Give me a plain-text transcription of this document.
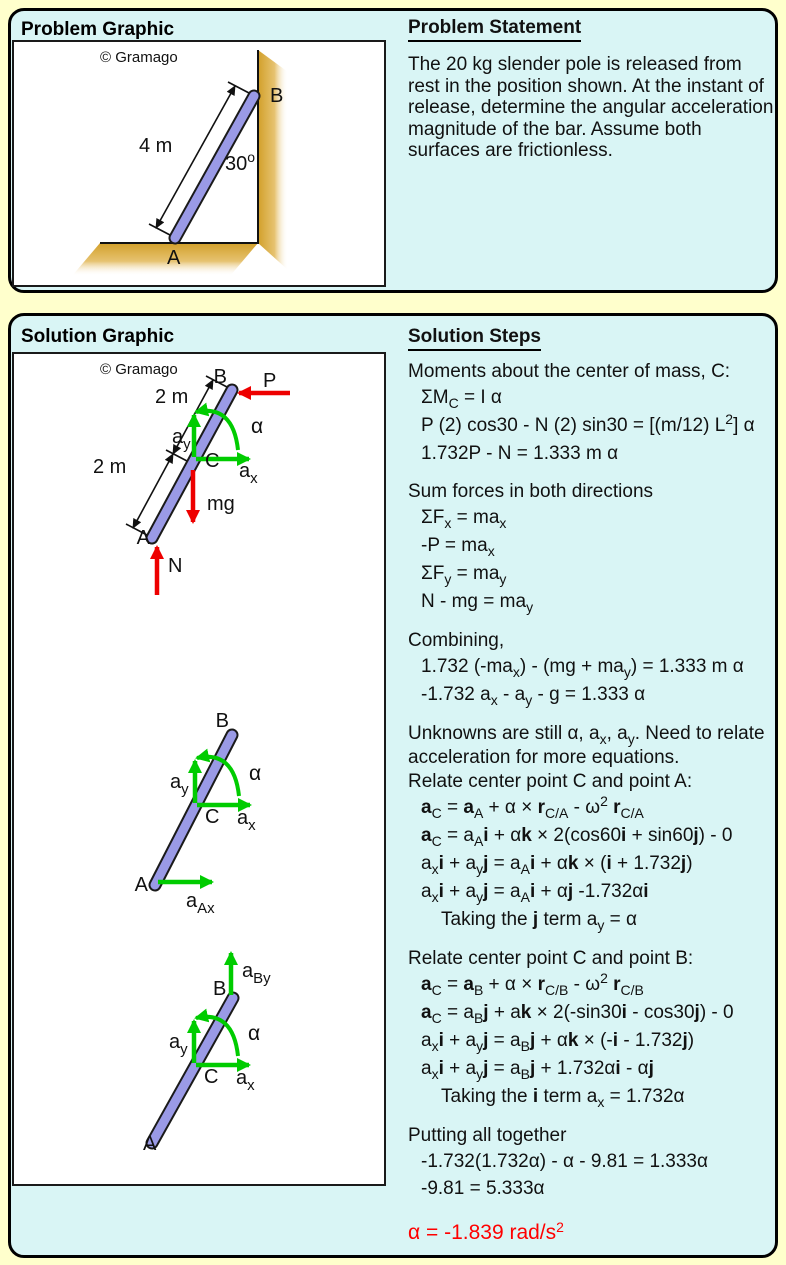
Problem Graphic
© Gramago
4 m
30$^o$
B
A
Problem Statement

The 20 kg slender pole is released from rest in the position shown. At the instant of release, determine the angular acceleration magnitude of the bar. Assume both surfaces are frictionless.

Solution Graphic
© Gramago
2 m
2 m
B P
α
$a_y$
C $a_x$
mg
A
N
B
α
$a_y$
C $a_x$
A
$a_{Ax}$
$a_{By}$
B
α
$a_y$
C $a_x$
A
Solution Steps
Moments about the center of mass, C:
$\Sigma M_C = I$ α
P (2) cos30 - N (2) sin30 = [(m/12) $L^2$] α
1.732P - N = 1.333 m α
Sum forces in both directions
$\Sigma F_x = ma_x$
$-P = ma_x$
$\Sigma F_y = ma_y$
N - mg = $ma_y$
Combining,
1.732 $(-ma_x) - (mg + ma_y) = 1.333$ m α
-1.732 $a_x - a_y - g = 1.333$ α
Unknowns are still α, $a_x$, $a_y$. Need to relate acceleration for more equations.
Relate center point C and point A:
$a_C = a_A + \alpha \times r_{C/A} - \omega^2$ $r_{C/A}$
$a_C = a_Ai + \alpha k \times 2(\cos 60i + \sin 60j) - 0$
$a_xi + a_yj = a_Ai + \alpha k \times (i + 1.732j)$
$a_xi + a_yj = a_Ai + \alpha j$ -1.732αi
Taking the j term $a_y = \alpha$
Relate center point C and point B:
$a_C = a_B + \alpha \times r_{C/B} - \omega^2$ $r_{C/B}$
$a_C = a_Bj$ + ak × 2(-sin30i - cos30j) - 0
$a_xi + a_yj = a_Bj + \alpha k \times (-i - 1.732j)$
$a_xi + a_yj = a_Bj + 1.732\alpha i - \alpha j$
Taking the i term $a_x = 1.732\alpha$
Putting all together
-1.732(1.732α) - α - 9.81 = 1.333α
-9.81 = 5.333α
α = -1.839 rad/$s^2$
